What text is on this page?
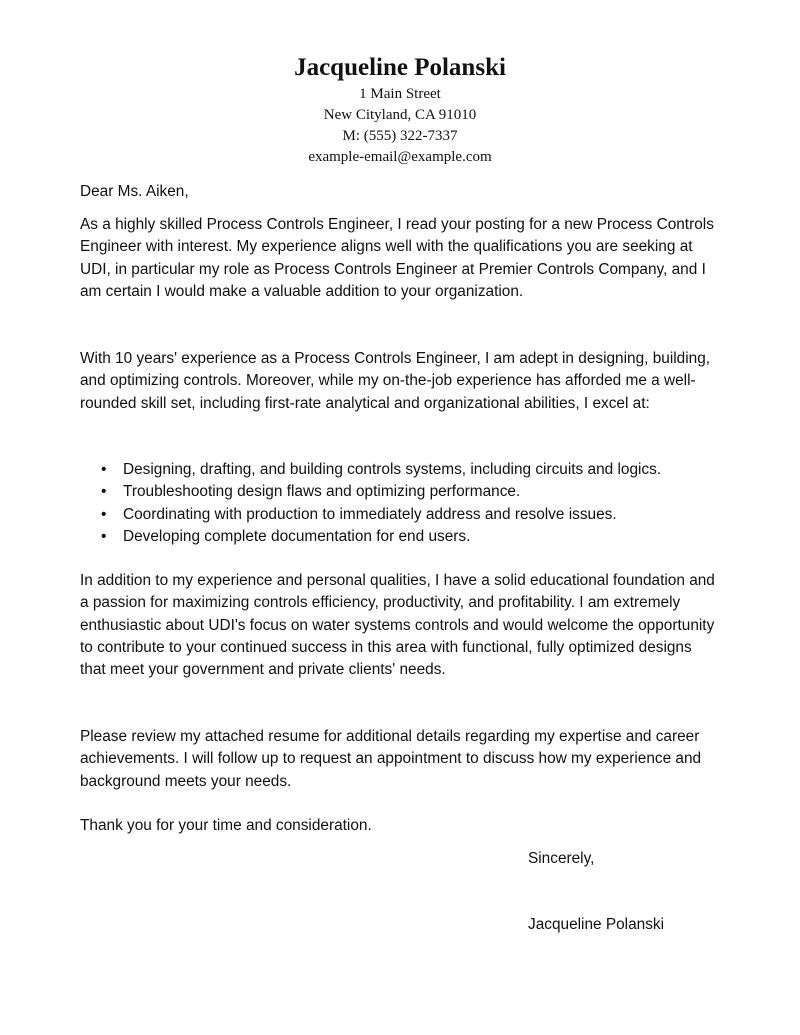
Jacqueline Polanski
1 Main Street
New Cityland, CA 91010
M: (555) 322-7337
example-email@example.com
Dear Ms. Aiken,
As a highly skilled Process Controls Engineer, I read your posting for a new Process Controls Engineer with interest. My experience aligns well with the qualifications you are seeking at UDI, in particular my role as Process Controls Engineer at Premier Controls Company, and I am certain I would make a valuable addition to your organization.
With 10 years' experience as a Process Controls Engineer, I am adept in designing, building, and optimizing controls. Moreover, while my on-the-job experience has afforded me a well-rounded skill set, including first-rate analytical and organizational abilities, I excel at:
• Designing, drafting, and building controls systems, including circuits and logics.
• Troubleshooting design flaws and optimizing performance.
• Coordinating with production to immediately address and resolve issues.
• Developing complete documentation for end users.
In addition to my experience and personal qualities, I have a solid educational foundation and a passion for maximizing controls efficiency, productivity, and profitability. I am extremely enthusiastic about UDI's focus on water systems controls and would welcome the opportunity to contribute to your continued success in this area with functional, fully optimized designs that meet your government and private clients' needs.
Please review my attached resume for additional details regarding my expertise and career achievements. I will follow up to request an appointment to discuss how my experience and background meets your needs.
Thank you for your time and consideration.
Sincerely,
Jacqueline Polanski
